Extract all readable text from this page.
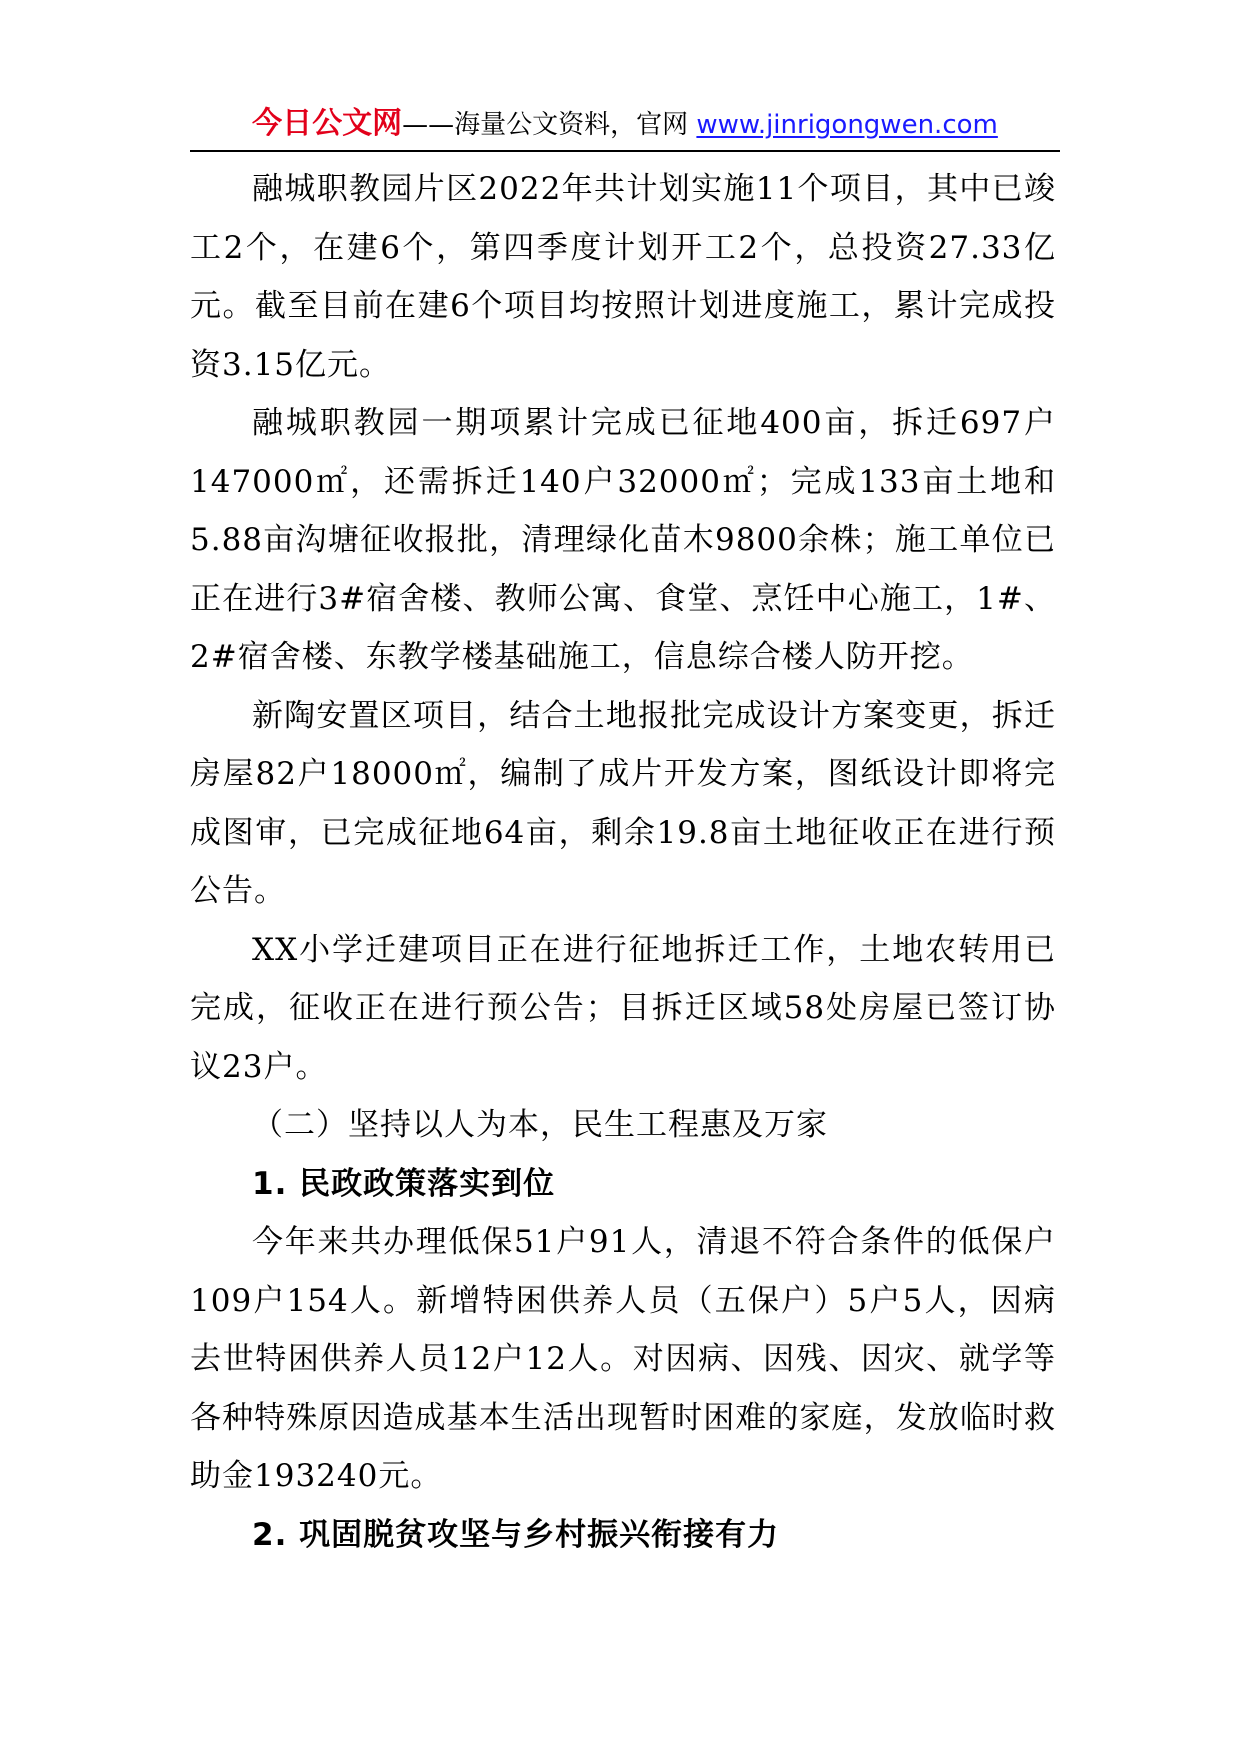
今日公文网——海量公文资料，官网 www.jinrigongwen.com

融城职教园片区2022年共计划实施11个项目，其中已竣工2个，在建6个，第四季度计划开工2个，总投资27.33亿元。截至目前在建6个项目均按照计划进度施工，累计完成投资3.15亿元。

融城职教园一期项累计完成已征地400亩，拆迁697户147000㎡，还需拆迁140户32000㎡；完成133亩土地和5.88亩沟塘征收报批，清理绿化苗木9800余株；施工单位已正在进行3#宿舍楼、教师公寓、食堂、烹饪中心施工，1#、2#宿舍楼、东教学楼基础施工，信息综合楼人防开挖。

新陶安置区项目，结合土地报批完成设计方案变更，拆迁房屋82户18000㎡，编制了成片开发方案，图纸设计即将完成图审，已完成征地64亩，剩余19.8亩土地征收正在进行预公告。

XX小学迁建项目正在进行征地拆迁工作，土地农转用已完成，征收正在进行预公告；目拆迁区域58处房屋已签订协议23户。

（二）坚持以人为本，民生工程惠及万家

1. 民政政策落实到位

今年来共办理低保51户91人，清退不符合条件的低保户109户154人。新增特困供养人员（五保户）5户5人，因病去世特困供养人员12户12人。对因病、因残、因灾、就学等各种特殊原因造成基本生活出现暂时困难的家庭，发放临时救助金193240元。

2. 巩固脱贫攻坚与乡村振兴衔接有力
